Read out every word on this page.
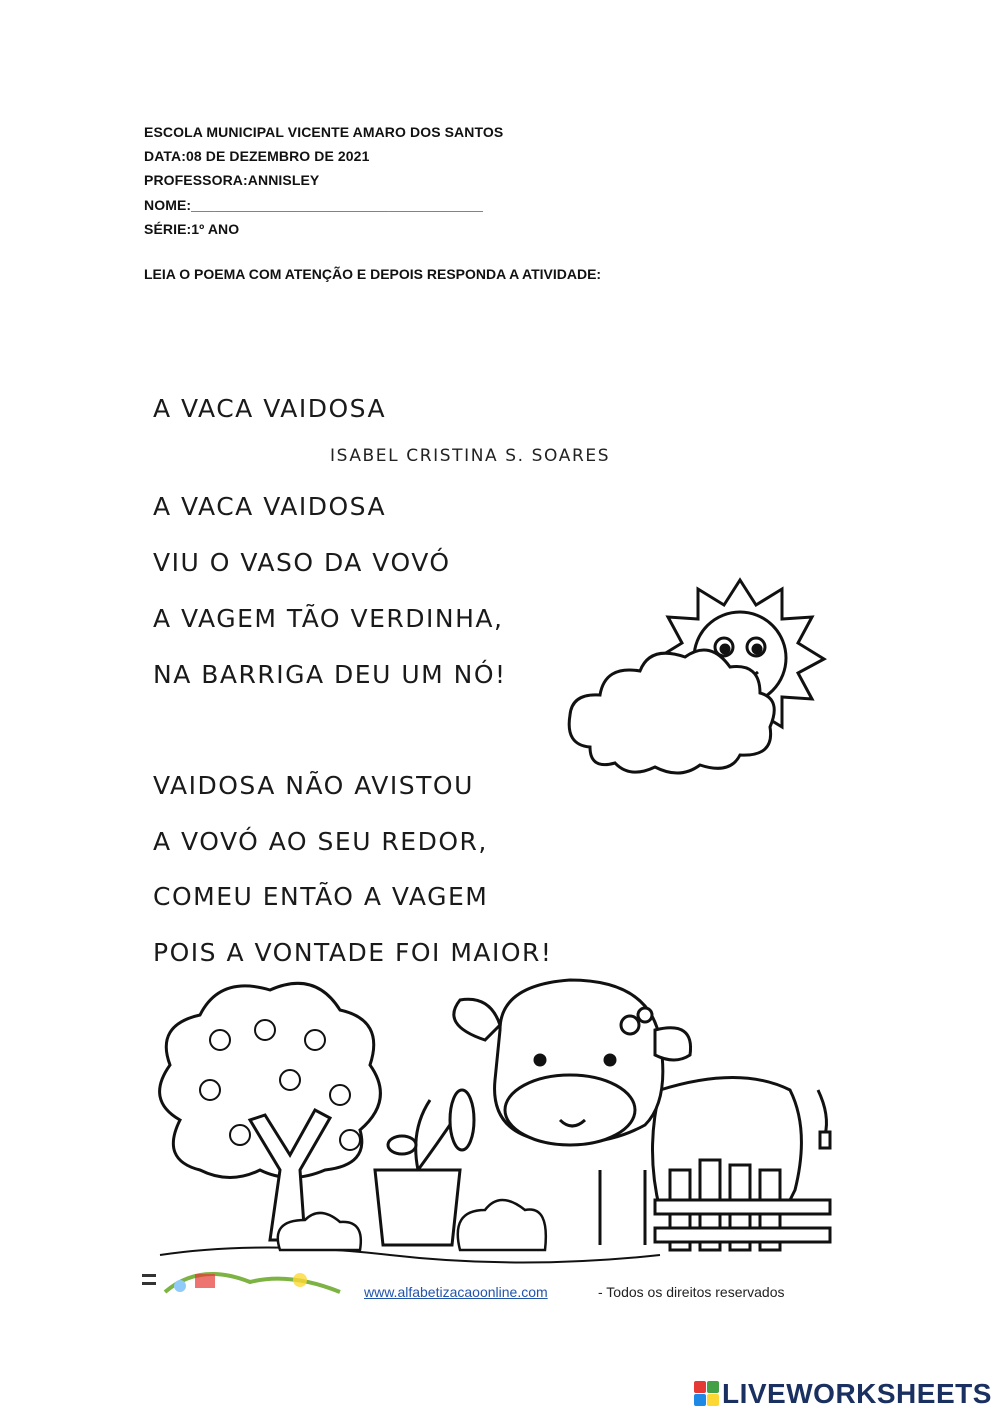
ESCOLA MUNICIPAL VICENTE AMARO DOS SANTOS
DATA:08 DE DEZEMBRO DE 2021
PROFESSORA:ANNISLEY
NOME:_____________________________________
SÉRIE:1º ANO
LEIA O POEMA COM ATENÇÃO E DEPOIS RESPONDA A ATIVIDADE:
A VACA VAIDOSA
ISABEL CRISTINA S. SOARES
A VACA VAIDOSA
VIU O VASO DA VOVÓ
A VAGEM TÃO VERDINHA,
NA BARRIGA DEU UM NÓ!
VAIDOSA NÃO AVISTOU
A VOVÓ AO SEU REDOR,
COMEU ENTÃO A VAGEM
POIS A VONTADE FOI MAIOR!
www.alfabetizacaoonline.com	- Todos os direitos reservados
LIVEWORKSHEETS
